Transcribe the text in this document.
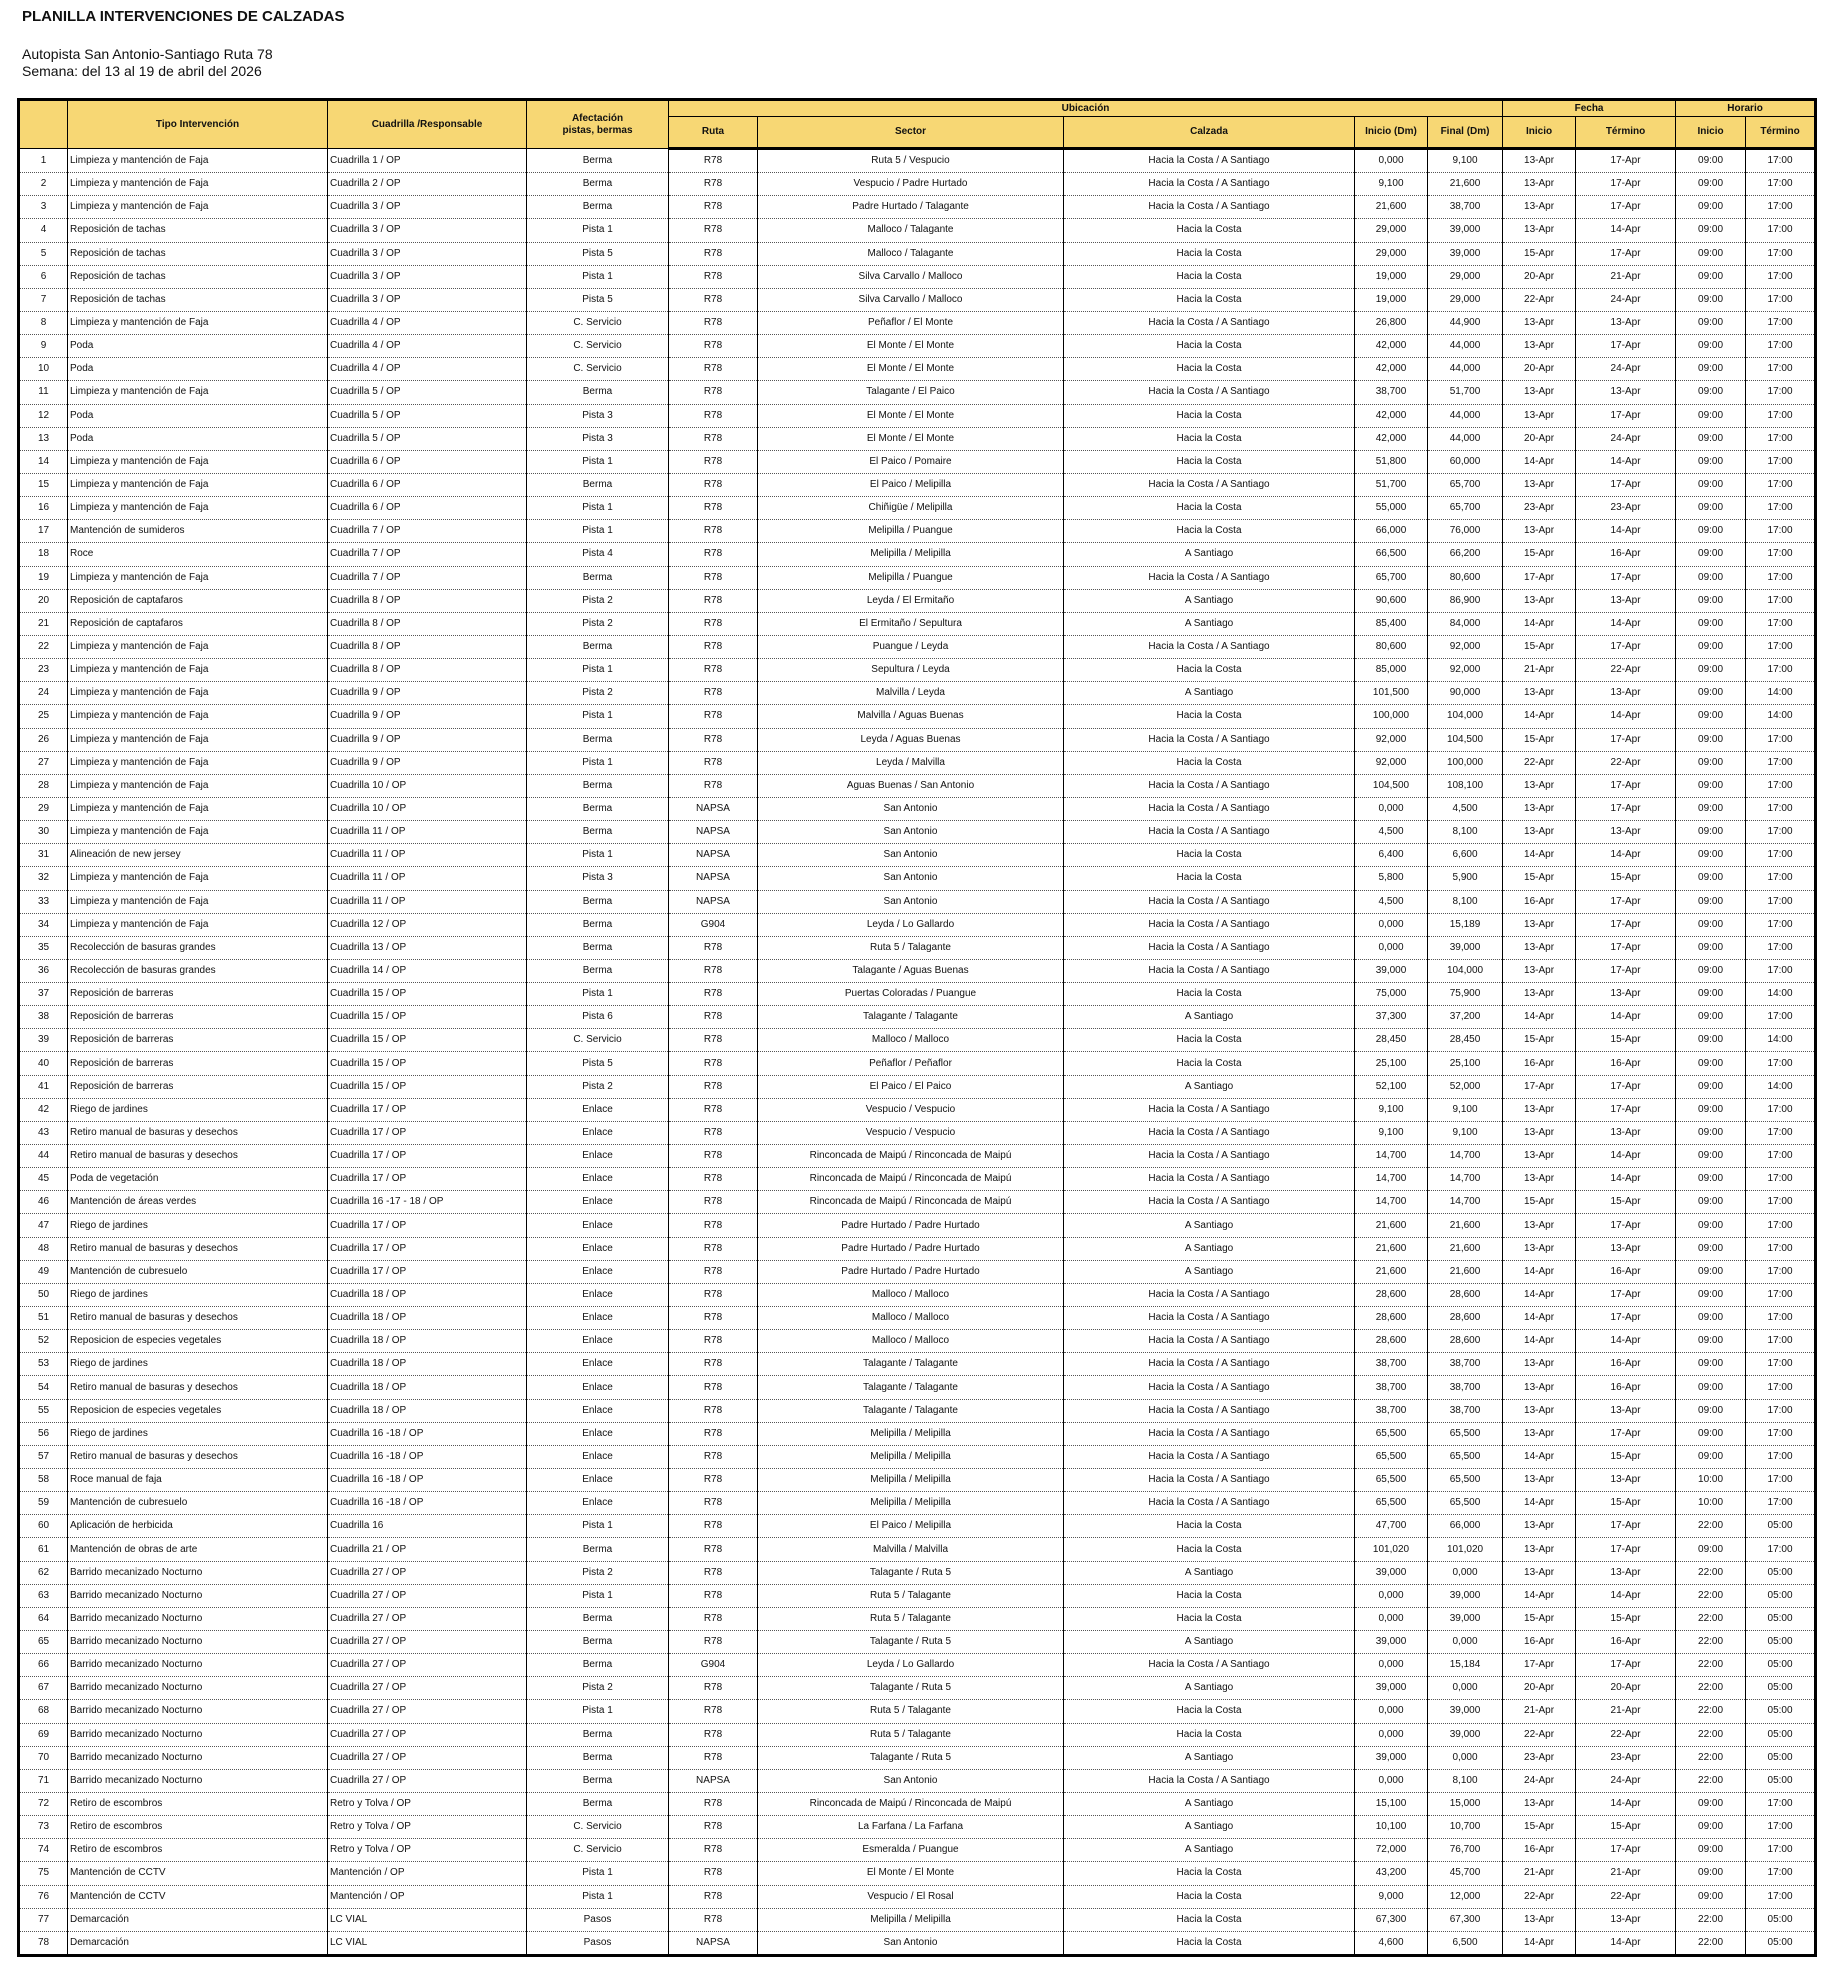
PLANILLA INTERVENCIONES DE CALZADAS
Autopista San Antonio-Santiago Ruta 78
Semana: del 13 al 19 de abril del 2026
	Tipo Intervención	Cuadrilla /Responsable	Afectación pistas, bermas	Ubicación					Fecha		Horario	
				Ruta	Sector	Calzada	Inicio (Dm)	Final (Dm)	Inicio	Término	Inicio	Término
1	Limpieza y mantención de Faja	Cuadrilla 1 / OP	Berma	R78	Ruta 5 / Vespucio	Hacia la Costa / A Santiago	0,000	9,100	13-Apr	17-Apr	09:00	17:00
2	Limpieza y mantención de Faja	Cuadrilla 2 / OP	Berma	R78	Vespucio / Padre Hurtado	Hacia la Costa / A Santiago	9,100	21,600	13-Apr	17-Apr	09:00	17:00
3	Limpieza y mantención de Faja	Cuadrilla 3 / OP	Berma	R78	Padre Hurtado / Talagante	Hacia la Costa / A Santiago	21,600	38,700	13-Apr	17-Apr	09:00	17:00
4	Reposición de tachas	Cuadrilla 3 / OP	Pista 1	R78	Malloco / Talagante	Hacia la Costa	29,000	39,000	13-Apr	14-Apr	09:00	17:00
5	Reposición de tachas	Cuadrilla 3 / OP	Pista 5	R78	Malloco / Talagante	Hacia la Costa	29,000	39,000	15-Apr	17-Apr	09:00	17:00
6	Reposición de tachas	Cuadrilla 3 / OP	Pista 1	R78	Silva Carvallo / Malloco	Hacia la Costa	19,000	29,000	20-Apr	21-Apr	09:00	17:00
7	Reposición de tachas	Cuadrilla 3 / OP	Pista 5	R78	Silva Carvallo / Malloco	Hacia la Costa	19,000	29,000	22-Apr	24-Apr	09:00	17:00
8	Limpieza y mantención de Faja	Cuadrilla 4 / OP	C. Servicio	R78	Peñaflor / El Monte	Hacia la Costa / A Santiago	26,800	44,900	13-Apr	13-Apr	09:00	17:00
9	Poda	Cuadrilla 4 / OP	C. Servicio	R78	El Monte / El Monte	Hacia la Costa	42,000	44,000	13-Apr	17-Apr	09:00	17:00
10	Poda	Cuadrilla 4 / OP	C. Servicio	R78	El Monte / El Monte	Hacia la Costa	42,000	44,000	20-Apr	24-Apr	09:00	17:00
11	Limpieza y mantención de Faja	Cuadrilla 5 / OP	Berma	R78	Talagante / El Paico	Hacia la Costa / A Santiago	38,700	51,700	13-Apr	13-Apr	09:00	17:00
12	Poda	Cuadrilla 5 / OP	Pista 3	R78	El Monte / El Monte	Hacia la Costa	42,000	44,000	13-Apr	17-Apr	09:00	17:00
13	Poda	Cuadrilla 5 / OP	Pista 3	R78	El Monte / El Monte	Hacia la Costa	42,000	44,000	20-Apr	24-Apr	09:00	17:00
14	Limpieza y mantención de Faja	Cuadrilla 6 / OP	Pista 1	R78	El Paico / Pomaire	Hacia la Costa	51,800	60,000	14-Apr	14-Apr	09:00	17:00
15	Limpieza y mantención de Faja	Cuadrilla 6 / OP	Berma	R78	El Paico / Melipilla	Hacia la Costa / A Santiago	51,700	65,700	13-Apr	17-Apr	09:00	17:00
16	Limpieza y mantención de Faja	Cuadrilla 6 / OP	Pista 1	R78	Chiñigüe / Melipilla	Hacia la Costa	55,000	65,700	23-Apr	23-Apr	09:00	17:00
17	Mantención de sumideros	Cuadrilla 7 / OP	Pista 1	R78	Melipilla / Puangue	Hacia la Costa	66,000	76,000	13-Apr	14-Apr	09:00	17:00
18	Roce	Cuadrilla 7 / OP	Pista 4	R78	Melipilla / Melipilla	A Santiago	66,500	66,200	15-Apr	16-Apr	09:00	17:00
19	Limpieza y mantención de Faja	Cuadrilla 7 / OP	Berma	R78	Melipilla / Puangue	Hacia la Costa / A Santiago	65,700	80,600	17-Apr	17-Apr	09:00	17:00
20	Reposición de captafaros	Cuadrilla 8 / OP	Pista 2	R78	Leyda / El Ermitaño	A Santiago	90,600	86,900	13-Apr	13-Apr	09:00	17:00
21	Reposición de captafaros	Cuadrilla 8 / OP	Pista 2	R78	El Ermitaño / Sepultura	A Santiago	85,400	84,000	14-Apr	14-Apr	09:00	17:00
22	Limpieza y mantención de Faja	Cuadrilla 8 / OP	Berma	R78	Puangue / Leyda	Hacia la Costa / A Santiago	80,600	92,000	15-Apr	17-Apr	09:00	17:00
23	Limpieza y mantención de Faja	Cuadrilla 8 / OP	Pista 1	R78	Sepultura / Leyda	Hacia la Costa	85,000	92,000	21-Apr	22-Apr	09:00	17:00
24	Limpieza y mantención de Faja	Cuadrilla 9 / OP	Pista 2	R78	Malvilla / Leyda	A Santiago	101,500	90,000	13-Apr	13-Apr	09:00	14:00
25	Limpieza y mantención de Faja	Cuadrilla 9 / OP	Pista 1	R78	Malvilla / Aguas Buenas	Hacia la Costa	100,000	104,000	14-Apr	14-Apr	09:00	14:00
26	Limpieza y mantención de Faja	Cuadrilla 9 / OP	Berma	R78	Leyda / Aguas Buenas	Hacia la Costa / A Santiago	92,000	104,500	15-Apr	17-Apr	09:00	17:00
27	Limpieza y mantención de Faja	Cuadrilla 9 / OP	Pista 1	R78	Leyda / Malvilla	Hacia la Costa	92,000	100,000	22-Apr	22-Apr	09:00	17:00
28	Limpieza y mantención de Faja	Cuadrilla 10 / OP	Berma	R78	Aguas Buenas / San Antonio	Hacia la Costa / A Santiago	104,500	108,100	13-Apr	17-Apr	09:00	17:00
29	Limpieza y mantención de Faja	Cuadrilla 10 / OP	Berma	NAPSA	San Antonio	Hacia la Costa / A Santiago	0,000	4,500	13-Apr	17-Apr	09:00	17:00
30	Limpieza y mantención de Faja	Cuadrilla 11 / OP	Berma	NAPSA	San Antonio	Hacia la Costa / A Santiago	4,500	8,100	13-Apr	13-Apr	09:00	17:00
31	Alineación de new jersey	Cuadrilla 11 / OP	Pista 1	NAPSA	San Antonio	Hacia la Costa	6,400	6,600	14-Apr	14-Apr	09:00	17:00
32	Limpieza y mantención de Faja	Cuadrilla 11 / OP	Pista 3	NAPSA	San Antonio	Hacia la Costa	5,800	5,900	15-Apr	15-Apr	09:00	17:00
33	Limpieza y mantención de Faja	Cuadrilla 11 / OP	Berma	NAPSA	San Antonio	Hacia la Costa / A Santiago	4,500	8,100	16-Apr	17-Apr	09:00	17:00
34	Limpieza y mantención de Faja	Cuadrilla 12 / OP	Berma	G904	Leyda / Lo Gallardo	Hacia la Costa / A Santiago	0,000	15,189	13-Apr	17-Apr	09:00	17:00
35	Recolección de basuras grandes	Cuadrilla 13 / OP	Berma	R78	Ruta 5 / Talagante	Hacia la Costa / A Santiago	0,000	39,000	13-Apr	17-Apr	09:00	17:00
36	Recolección de basuras grandes	Cuadrilla 14 / OP	Berma	R78	Talagante / Aguas Buenas	Hacia la Costa / A Santiago	39,000	104,000	13-Apr	17-Apr	09:00	17:00
37	Reposición de barreras	Cuadrilla 15 / OP	Pista 1	R78	Puertas Coloradas / Puangue	Hacia la Costa	75,000	75,900	13-Apr	13-Apr	09:00	14:00
38	Reposición de barreras	Cuadrilla 15 / OP	Pista 6	R78	Talagante / Talagante	A Santiago	37,300	37,200	14-Apr	14-Apr	09:00	17:00
39	Reposición de barreras	Cuadrilla 15 / OP	C. Servicio	R78	Malloco / Malloco	Hacia la Costa	28,450	28,450	15-Apr	15-Apr	09:00	14:00
40	Reposición de barreras	Cuadrilla 15 / OP	Pista 5	R78	Peñaflor / Peñaflor	Hacia la Costa	25,100	25,100	16-Apr	16-Apr	09:00	17:00
41	Reposición de barreras	Cuadrilla 15 / OP	Pista 2	R78	El Paico / El Paico	A Santiago	52,100	52,000	17-Apr	17-Apr	09:00	14:00
42	Riego de jardines	Cuadrilla 17 / OP	Enlace	R78	Vespucio / Vespucio	Hacia la Costa / A Santiago	9,100	9,100	13-Apr	17-Apr	09:00	17:00
43	Retiro manual de basuras y desechos	Cuadrilla 17 / OP	Enlace	R78	Vespucio / Vespucio	Hacia la Costa / A Santiago	9,100	9,100	13-Apr	13-Apr	09:00	17:00
44	Retiro manual de basuras y desechos	Cuadrilla 17 / OP	Enlace	R78	Rinconcada de Maipú / Rinconcada de Maipú	Hacia la Costa / A Santiago	14,700	14,700	13-Apr	14-Apr	09:00	17:00
45	Poda de vegetación	Cuadrilla 17 / OP	Enlace	R78	Rinconcada de Maipú / Rinconcada de Maipú	Hacia la Costa / A Santiago	14,700	14,700	13-Apr	14-Apr	09:00	17:00
46	Mantención de áreas verdes	Cuadrilla 16 -17 - 18 / OP	Enlace	R78	Rinconcada de Maipú / Rinconcada de Maipú	Hacia la Costa / A Santiago	14,700	14,700	15-Apr	15-Apr	09:00	17:00
47	Riego de jardines	Cuadrilla 17 / OP	Enlace	R78	Padre Hurtado / Padre Hurtado	A Santiago	21,600	21,600	13-Apr	17-Apr	09:00	17:00
48	Retiro manual de basuras y desechos	Cuadrilla 17 / OP	Enlace	R78	Padre Hurtado / Padre Hurtado	A Santiago	21,600	21,600	13-Apr	13-Apr	09:00	17:00
49	Mantención de cubresuelo	Cuadrilla 17 / OP	Enlace	R78	Padre Hurtado / Padre Hurtado	A Santiago	21,600	21,600	14-Apr	16-Apr	09:00	17:00
50	Riego de jardines	Cuadrilla 18 / OP	Enlace	R78	Malloco / Malloco	Hacia la Costa / A Santiago	28,600	28,600	14-Apr	17-Apr	09:00	17:00
51	Retiro manual de basuras y desechos	Cuadrilla 18 / OP	Enlace	R78	Malloco / Malloco	Hacia la Costa / A Santiago	28,600	28,600	14-Apr	17-Apr	09:00	17:00
52	Reposicion de especies vegetales	Cuadrilla 18 / OP	Enlace	R78	Malloco / Malloco	Hacia la Costa / A Santiago	28,600	28,600	14-Apr	14-Apr	09:00	17:00
53	Riego de jardines	Cuadrilla 18 / OP	Enlace	R78	Talagante / Talagante	Hacia la Costa / A Santiago	38,700	38,700	13-Apr	16-Apr	09:00	17:00
54	Retiro manual de basuras y desechos	Cuadrilla 18 / OP	Enlace	R78	Talagante / Talagante	Hacia la Costa / A Santiago	38,700	38,700	13-Apr	16-Apr	09:00	17:00
55	Reposicion de especies vegetales	Cuadrilla 18 / OP	Enlace	R78	Talagante / Talagante	Hacia la Costa / A Santiago	38,700	38,700	13-Apr	13-Apr	09:00	17:00
56	Riego de jardines	Cuadrilla 16 -18 / OP	Enlace	R78	Melipilla / Melipilla	Hacia la Costa / A Santiago	65,500	65,500	13-Apr	17-Apr	09:00	17:00
57	Retiro manual de basuras y desechos	Cuadrilla 16 -18 / OP	Enlace	R78	Melipilla / Melipilla	Hacia la Costa / A Santiago	65,500	65,500	14-Apr	15-Apr	09:00	17:00
58	Roce manual de faja	Cuadrilla 16 -18 / OP	Enlace	R78	Melipilla / Melipilla	Hacia la Costa / A Santiago	65,500	65,500	13-Apr	13-Apr	10:00	17:00
59	Mantención de cubresuelo	Cuadrilla 16 -18 / OP	Enlace	R78	Melipilla / Melipilla	Hacia la Costa / A Santiago	65,500	65,500	14-Apr	15-Apr	10:00	17:00
60	Aplicación de herbicida	Cuadrilla 16	Pista 1	R78	El Paico / Melipilla	Hacia la Costa	47,700	66,000	13-Apr	17-Apr	22:00	05:00
61	Mantención de obras de arte	Cuadrilla 21 / OP	Berma	R78	Malvilla / Malvilla	Hacia la Costa	101,020	101,020	13-Apr	17-Apr	09:00	17:00
62	Barrido mecanizado Nocturno	Cuadrilla 27 / OP	Pista 2	R78	Talagante / Ruta 5	A Santiago	39,000	0,000	13-Apr	13-Apr	22:00	05:00
63	Barrido mecanizado Nocturno	Cuadrilla 27 / OP	Pista 1	R78	Ruta 5 / Talagante	Hacia la Costa	0,000	39,000	14-Apr	14-Apr	22:00	05:00
64	Barrido mecanizado Nocturno	Cuadrilla 27 / OP	Berma	R78	Ruta 5 / Talagante	Hacia la Costa	0,000	39,000	15-Apr	15-Apr	22:00	05:00
65	Barrido mecanizado Nocturno	Cuadrilla 27 / OP	Berma	R78	Talagante / Ruta 5	A Santiago	39,000	0,000	16-Apr	16-Apr	22:00	05:00
66	Barrido mecanizado Nocturno	Cuadrilla 27 / OP	Berma	G904	Leyda / Lo Gallardo	Hacia la Costa / A Santiago	0,000	15,184	17-Apr	17-Apr	22:00	05:00
67	Barrido mecanizado Nocturno	Cuadrilla 27 / OP	Pista 2	R78	Talagante / Ruta 5	A Santiago	39,000	0,000	20-Apr	20-Apr	22:00	05:00
68	Barrido mecanizado Nocturno	Cuadrilla 27 / OP	Pista 1	R78	Ruta 5 / Talagante	Hacia la Costa	0,000	39,000	21-Apr	21-Apr	22:00	05:00
69	Barrido mecanizado Nocturno	Cuadrilla 27 / OP	Berma	R78	Ruta 5 / Talagante	Hacia la Costa	0,000	39,000	22-Apr	22-Apr	22:00	05:00
70	Barrido mecanizado Nocturno	Cuadrilla 27 / OP	Berma	R78	Talagante / Ruta 5	A Santiago	39,000	0,000	23-Apr	23-Apr	22:00	05:00
71	Barrido mecanizado Nocturno	Cuadrilla 27 / OP	Berma	NAPSA	San Antonio	Hacia la Costa / A Santiago	0,000	8,100	24-Apr	24-Apr	22:00	05:00
72	Retiro de escombros	Retro y Tolva / OP	Berma	R78	Rinconcada de Maipú / Rinconcada de Maipú	A Santiago	15,100	15,000	13-Apr	14-Apr	09:00	17:00
73	Retiro de escombros	Retro y Tolva / OP	C. Servicio	R78	La Farfana / La Farfana	A Santiago	10,100	10,700	15-Apr	15-Apr	09:00	17:00
74	Retiro de escombros	Retro y Tolva / OP	C. Servicio	R78	Esmeralda / Puangue	A Santiago	72,000	76,700	16-Apr	17-Apr	09:00	17:00
75	Mantención de CCTV	Mantención / OP	Pista 1	R78	El Monte / El Monte	Hacia la Costa	43,200	45,700	21-Apr	21-Apr	09:00	17:00
76	Mantención de CCTV	Mantención / OP	Pista 1	R78	Vespucio / El Rosal	Hacia la Costa	9,000	12,000	22-Apr	22-Apr	09:00	17:00
77	Demarcación	LC VIAL	Pasos	R78	Melipilla / Melipilla	Hacia la Costa	67,300	67,300	13-Apr	13-Apr	22:00	05:00
78	Demarcación	LC VIAL	Pasos	NAPSA	San Antonio	Hacia la Costa	4,600	6,500	14-Apr	14-Apr	22:00	05:00
